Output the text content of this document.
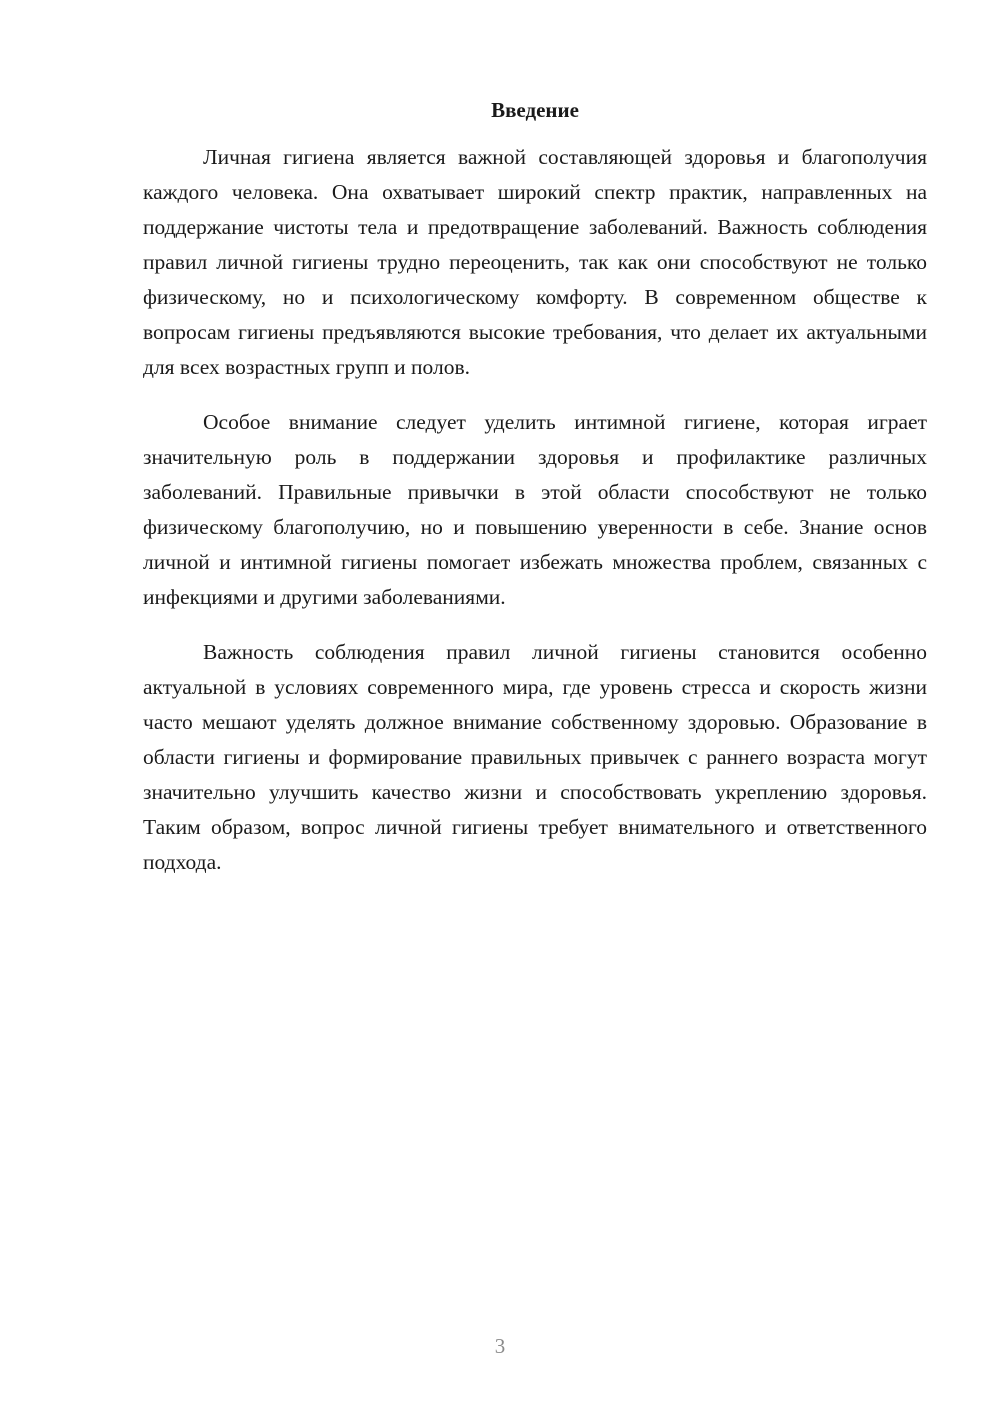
Введение

Личная гигиена является важной составляющей здоровья и благополучия каждого человека. Она охватывает широкий спектр практик, направленных на поддержание чистоты тела и предотвращение заболеваний. Важность соблюдения правил личной гигиены трудно переоценить, так как они способствуют не только физическому, но и психологическому комфорту. В современном обществе к вопросам гигиены предъявляются высокие требования, что делает их актуальными для всех возрастных групп и полов.

Особое внимание следует уделить интимной гигиене, которая играет значительную роль в поддержании здоровья и профилактике различных заболеваний. Правильные привычки в этой области способствуют не только физическому благополучию, но и повышению уверенности в себе. Знание основ личной и интимной гигиены помогает избежать множества проблем, связанных с инфекциями и другими заболеваниями.

Важность соблюдения правил личной гигиены становится особенно актуальной в условиях современного мира, где уровень стресса и скорость жизни часто мешают уделять должное внимание собственному здоровью. Образование в области гигиены и формирование правильных привычек с раннего возраста могут значительно улучшить качество жизни и способствовать укреплению здоровья. Таким образом, вопрос личной гигиены требует внимательного и ответственного подхода.

3
